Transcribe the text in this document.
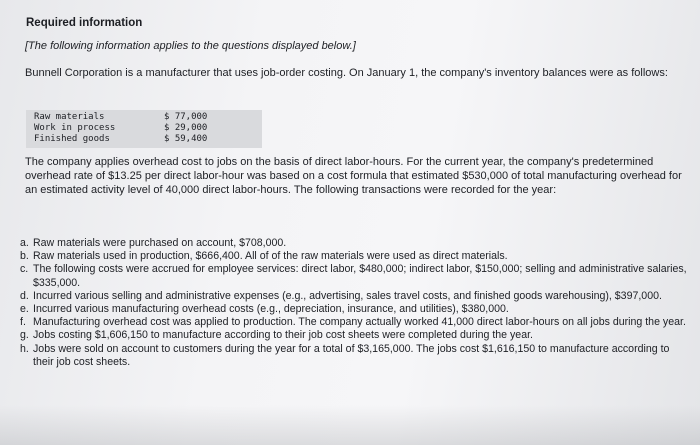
Required information
[The following information applies to the questions displayed below.]
Bunnell Corporation is a manufacturer that uses job-order costing. On January 1, the company's inventory balances were as follows:
Raw materials	$ 77,000
Work in process	$ 29,000
Finished goods	$ 59,400
The company applies overhead cost to jobs on the basis of direct labor-hours. For the current year, the company's predetermined overhead rate of $13.25 per direct labor-hour was based on a cost formula that estimated $530,000 of total manufacturing overhead for an estimated activity level of 40,000 direct labor-hours. The following transactions were recorded for the year:
a. Raw materials were purchased on account, $708,000.
b. Raw materials used in production, $666,400. All of of the raw materials were used as direct materials.
c. The following costs were accrued for employee services: direct labor, $480,000; indirect labor, $150,000; selling and administrative salaries, $335,000.
d. Incurred various selling and administrative expenses (e.g., advertising, sales travel costs, and finished goods warehousing), $397,000.
e. Incurred various manufacturing overhead costs (e.g., depreciation, insurance, and utilities), $380,000.
f. Manufacturing overhead cost was applied to production. The company actually worked 41,000 direct labor-hours on all jobs during the year.
g. Jobs costing $1,606,150 to manufacture according to their job cost sheets were completed during the year.
h. Jobs were sold on account to customers during the year for a total of $3,165,000. The jobs cost $1,616,150 to manufacture according to their job cost sheets.
